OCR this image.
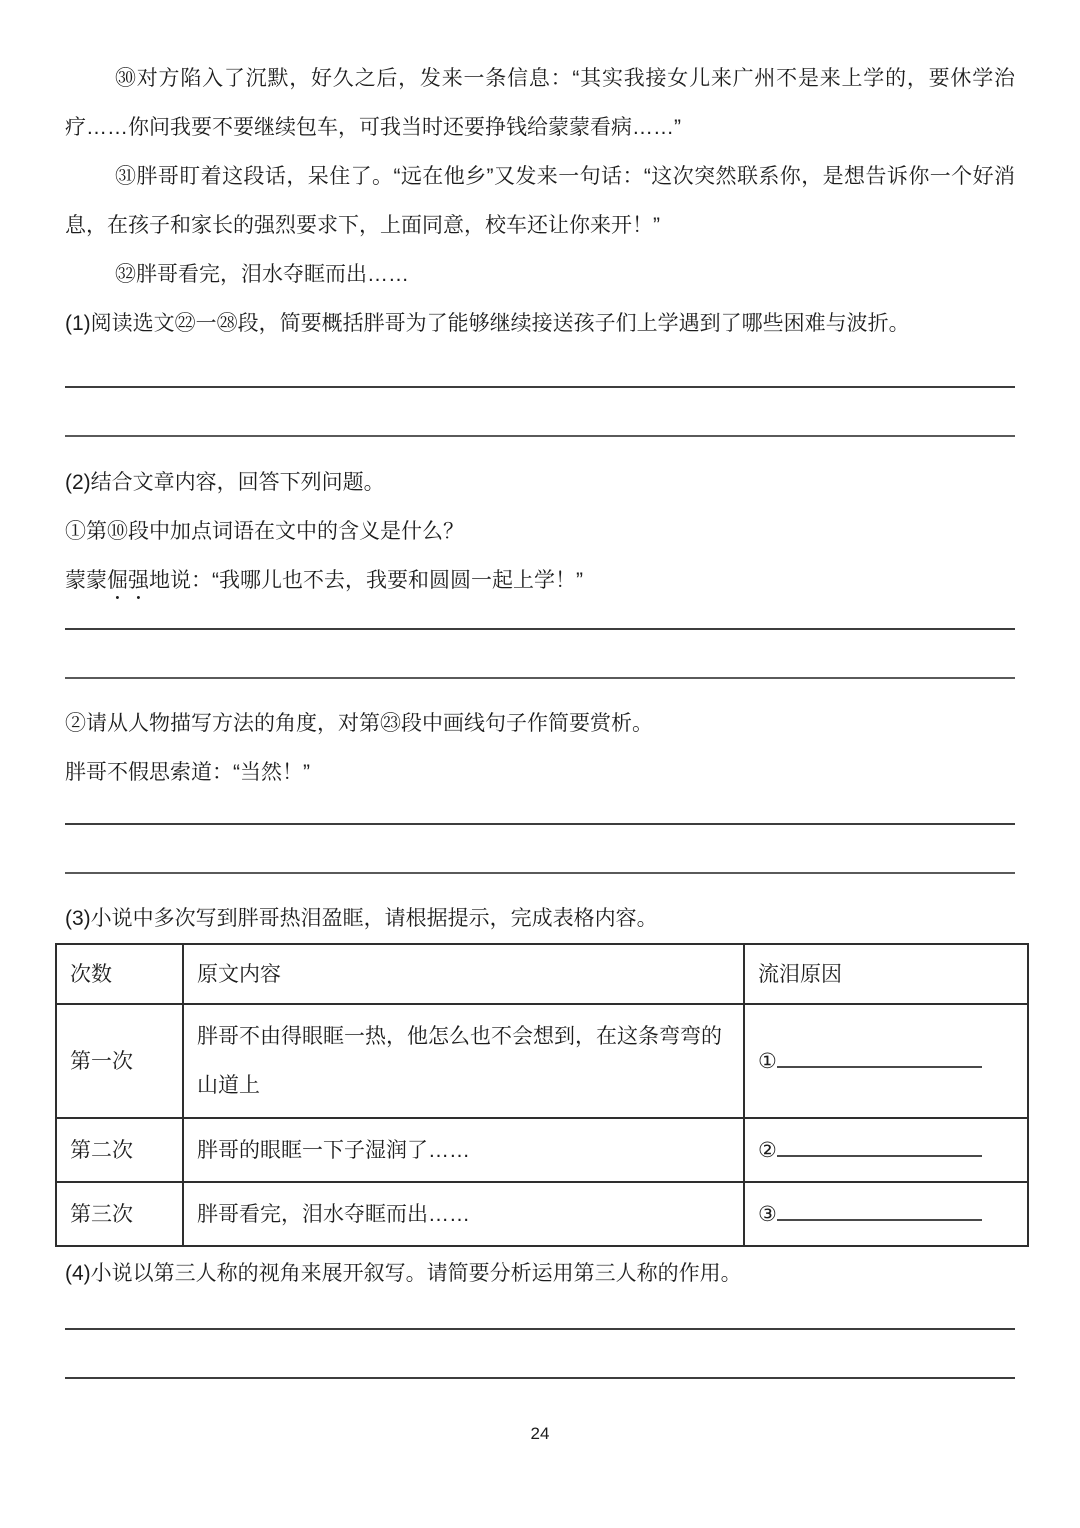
㉚对方陷入了沉默，好久之后，发来一条信息：“其实我接女儿来广州不是来上学的，要休学治疗……你问我要不要继续包车，可我当时还要挣钱给蒙蒙看病……”

㉛胖哥盯着这段话，呆住了。“远在他乡”又发来一句话：“这次突然联系你，是想告诉你一个好消息，在孩子和家长的强烈要求下，上面同意，校车还让你来开！”

㉜胖哥看完，泪水夺眶而出……

(1)阅读选文㉒一㉘段，简要概括胖哥为了能够继续接送孩子们上学遇到了哪些困难与波折。

(2)结合文章内容，回答下列问题。

①第⑩段中加点词语在文中的含义是什么？

蒙蒙倔强地说：“我哪儿也不去，我要和圆圆一起上学！”

②请从人物描写方法的角度，对第㉓段中画线句子作简要赏析。

胖哥不假思索道：“当然！”

(3)小说中多次写到胖哥热泪盈眶，请根据提示，完成表格内容。

次数	原文内容	流泪原因
第一次	胖哥不由得眼眶一热，他怎么也不会想到，在这条弯弯的山道上	①
第二次	胖哥的眼眶一下子湿润了……	②
第三次	胖哥看完，泪水夺眶而出……	③

(4)小说以第三人称的视角来展开叙写。请简要分析运用第三人称的作用。

24
